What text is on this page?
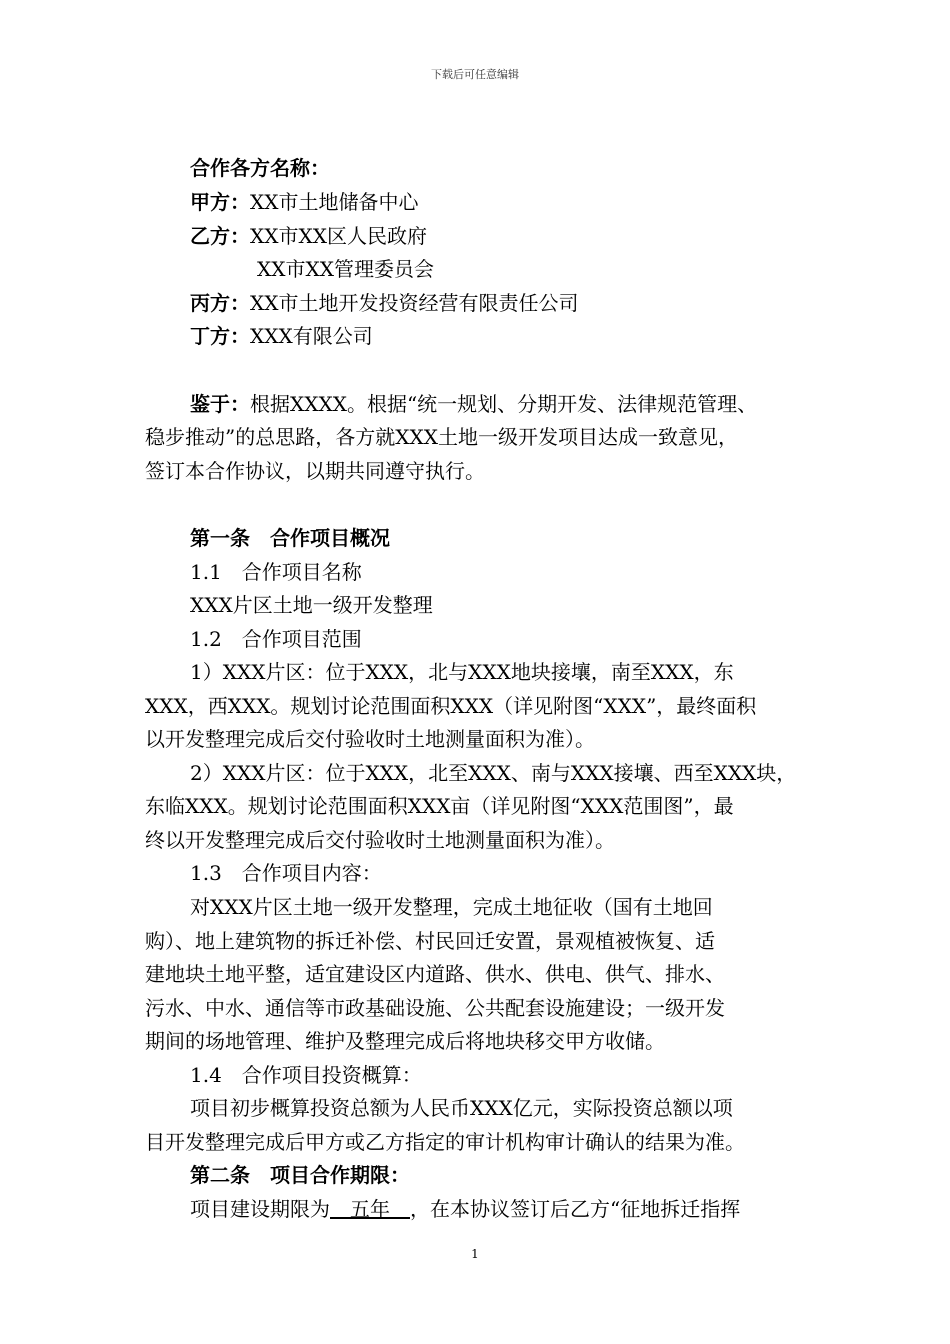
下载后可任意编辑
合作各方名称：
甲方：XX市土地储备中心
乙方：XX市XX区人民政府
XX市XX管理委员会
丙方：XX市土地开发投资经营有限责任公司
丁方：XXX有限公司
鉴于：根据XXXX。根据“统一规划、分期开发、法律规范管理、
稳步推动”的总思路，各方就XXX土地一级开发项目达成一致意见，
签订本合作协议，以期共同遵守执行。
第一条　合作项目概况
1.1　合作项目名称
XXX片区土地一级开发整理
1.2　合作项目范围
1）XXX片区：位于XXX，北与XXX地块接壤，南至XXX，东
XXX，西XXX。规划讨论范围面积XXX（详见附图“XXX”，最终面积
以开发整理完成后交付验收时土地测量面积为准）。
2）XXX片区：位于XXX，北至XXX、南与XXX接壤、西至XXX块，
东临XXX。规划讨论范围面积XXX亩（详见附图“XXX范围图”，最
终以开发整理完成后交付验收时土地测量面积为准）。
1.3　合作项目内容：
对XXX片区土地一级开发整理，完成土地征收（国有土地回
购）、地上建筑物的拆迁补偿、村民回迁安置，景观植被恢复、适
建地块土地平整，适宜建设区内道路、供水、供电、供气、排水、
污水、中水、通信等市政基础设施、公共配套设施建设；一级开发
期间的场地管理、维护及整理完成后将地块移交甲方收储。
1.4　合作项目投资概算：
项目初步概算投资总额为人民币XXX亿元，实际投资总额以项
目开发整理完成后甲方或乙方指定的审计机构审计确认的结果为准。
第二条　项目合作期限：
项目建设期限为　五年　，在本协议签订后乙方“征地拆迁指挥
1
